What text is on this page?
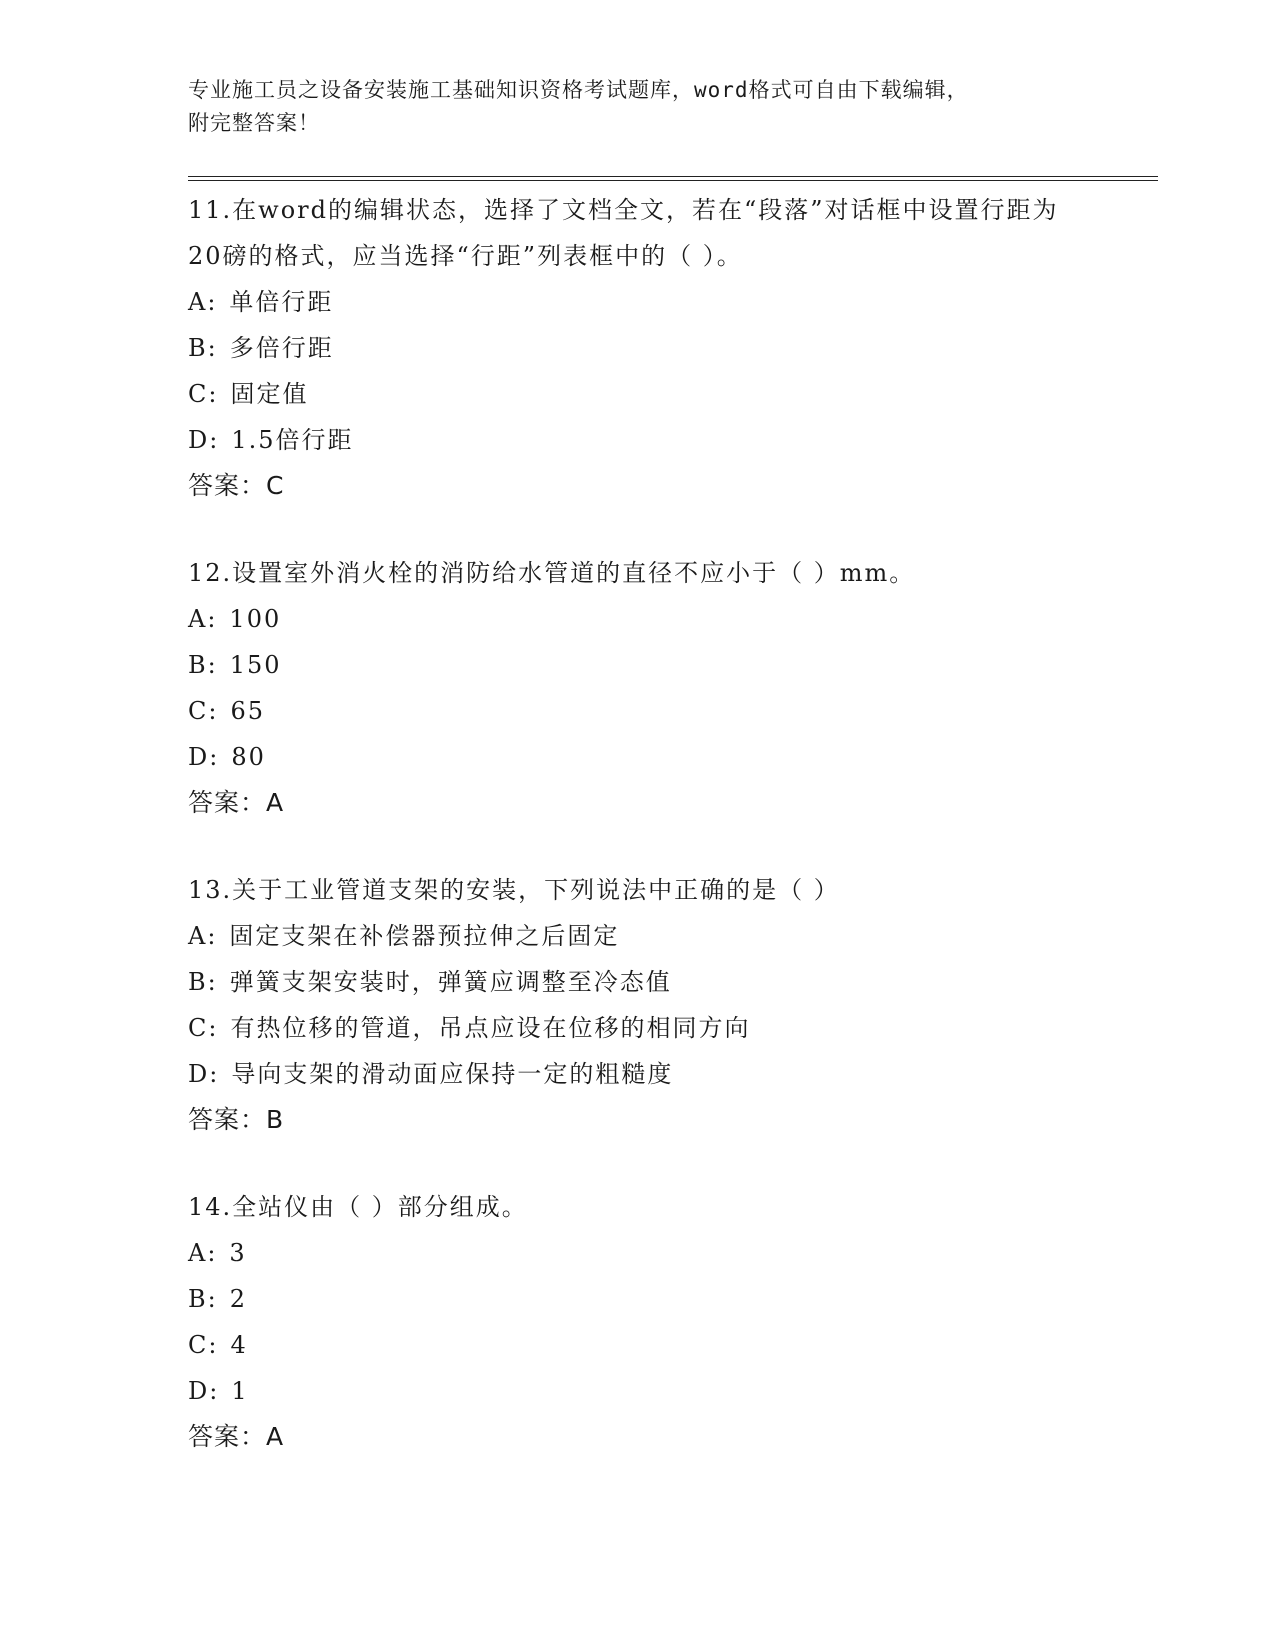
专业施工员之设备安装施工基础知识资格考试题库，word格式可自由下载编辑，
附完整答案！
11.在word的编辑状态，选择了文档全文，若在“段落”对话框中设置行距为20磅的格式，应当选择“行距”列表框中的（ ）。
A: 单倍行距
B: 多倍行距
C: 固定值
D: 1.5倍行距
答案：C
12.设置室外消火栓的消防给水管道的直径不应小于（ ）mm。
A: 100
B: 150
C: 65
D: 80
答案：A
13.关于工业管道支架的安装，下列说法中正确的是（ ）
A: 固定支架在补偿器预拉伸之后固定
B: 弹簧支架安装时，弹簧应调整至冷态值
C: 有热位移的管道，吊点应设在位移的相同方向
D: 导向支架的滑动面应保持一定的粗糙度
答案：B
14.全站仪由（ ）部分组成。
A: 3
B: 2
C: 4
D: 1
答案：A
